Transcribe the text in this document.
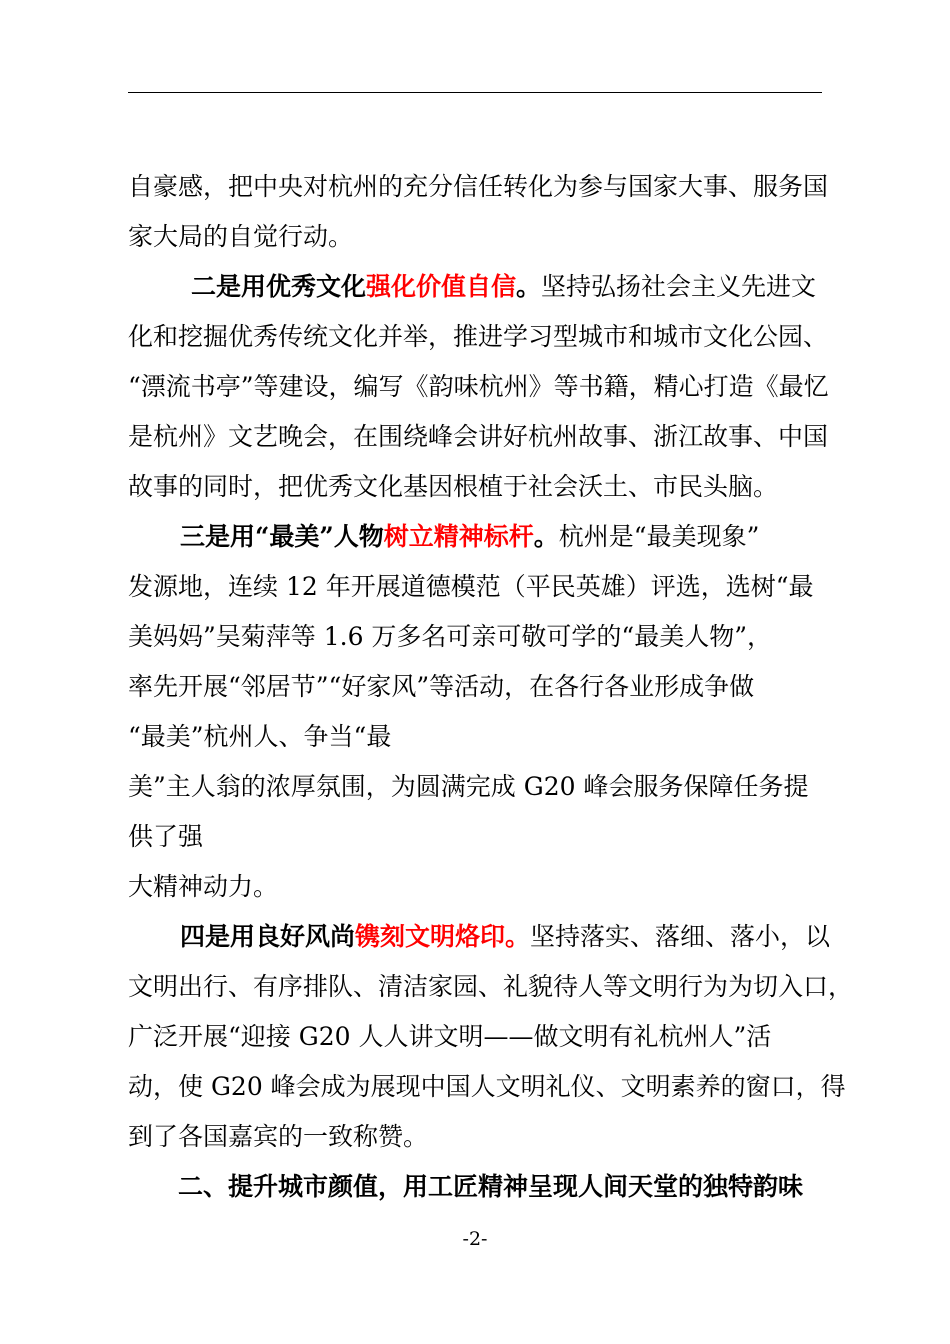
自豪感，把中央对杭州的充分信任转化为参与国家大事、服务国
家大局的自觉行动。
二是用优秀文化强化价值自信。坚持弘扬社会主义先进文
化和挖掘优秀传统文化并举，推进学习型城市和城市文化公园、
“漂流书亭”等建设，编写《韵味杭州》等书籍，精心打造《最忆
是杭州》文艺晚会，在围绕峰会讲好杭州故事、浙江故事、中国
故事的同时，把优秀文化基因根植于社会沃土、市民头脑。
三是用“最美”人物树立精神标杆。杭州是“最美现象”
发源地，连续 12 年开展道德模范（平民英雄）评选，选树“最
美妈妈”吴菊萍等 1.6 万多名可亲可敬可学的“最美人物”，
率先开展“邻居节”“好家风”等活动，在各行各业形成争做
“最美”杭州人、争当“最
美”主人翁的浓厚氛围，为圆满完成 G20 峰会服务保障任务提
供了强
大精神动力。
四是用良好风尚镌刻文明烙印。坚持落实、落细、落小，以
文明出行、有序排队、清洁家园、礼貌待人等文明行为为切入口，
广泛开展“迎接 G20 人人讲文明——做文明有礼杭州人”活
动，使 G20 峰会成为展现中国人文明礼仪、文明素养的窗口，得
到了各国嘉宾的一致称赞。
二、提升城市颜值，用工匠精神呈现人间天堂的独特韵味
-2-
